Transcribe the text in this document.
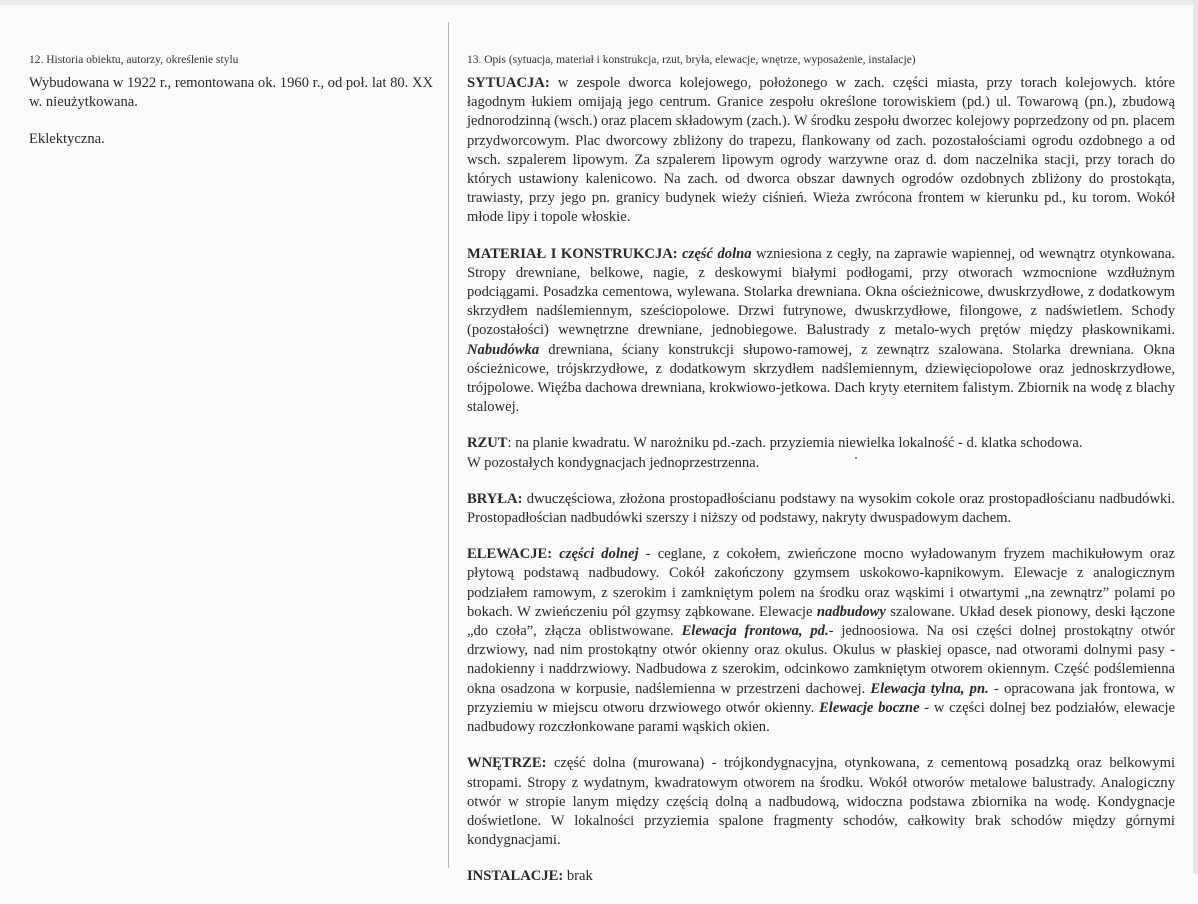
12. Historia obiektu, autorzy, określenie stylu

Wybudowana w 1922 r., remontowana ok. 1960 r., od poł. lat 80. XX w. nieużytkowana.

Eklektyczna.

13. Opis (sytuacja, materiał i konstrukcja, rzut, bryła, elewacje, wnętrze, wyposażenie, instalacje)

SYTUACJA: w zespole dworca kolejowego, położonego w zach. części miasta, przy torach kolejowych. które łagodnym łukiem omijają jego centrum. Granice zespołu określone torowiskiem (pd.) ul. Towarową (pn.), zbudową jednorodzinną (wsch.) oraz placem składowym (zach.). W środku zespołu dworzec kolejowy poprzedzony od pn. placem przydworcowym. Plac dworcowy zbliżony do trapezu, flankowany od zach. pozostałościami ogrodu ozdobnego a od wsch. szpalerem lipowym. Za szpalerem lipowym ogrody warzywne oraz d. dom naczelnika stacji, przy torach do których ustawiony kalenicowo. Na zach. od dworca obszar dawnych ogrodów ozdobnych zbliżony do prostokąta, trawiasty, przy jego pn. granicy budynek wieży ciśnień. Wieża zwrócona frontem w kierunku pd., ku torom. Wokół młode lipy i topole włoskie.

MATERIAŁ I KONSTRUKCJA: część dolna wzniesiona z cegły, na zaprawie wapiennej, od wewnątrz otynkowana. Stropy drewniane, belkowe, nagie, z deskowymi białymi podłogami, przy otworach wzmocnione wzdłużnym podciągami. Posadzka cementowa, wylewana. Stolarka drewniana. Okna ościeżnicowe, dwuskrzydłowe, z dodatkowym skrzydłem nadślemiennym, sześciopolowe. Drzwi futrynowe, dwuskrzydłowe, filongowe, z nadświetlem. Schody (pozostałości) wewnętrzne drewniane, jednobiegowe. Balustrady z metalo-wych prętów między płaskownikami. Nabudówka drewniana, ściany konstrukcji słupowo-ramowej, z zewnątrz szalowana. Stolarka drewniana. Okna ościeżnicowe, trójskrzydłowe, z dodatkowym skrzydłem nadślemiennym, dziewięciopolowe oraz jednoskrzydłowe, trójpolowe. Więźba dachowa drewniana, krokwiowo-jetkowa. Dach kryty eternitem falistym. Zbiornik na wodę z blachy stalowej.

RZUT: na planie kwadratu. W narożniku pd.-zach. przyziemia niewielka lokalność - d. klatka schodowa.
W pozostałych kondygnacjach jednoprzestrzenna.

BRYŁA: dwuczęściowa, złożona prostopadłościanu podstawy na wysokim cokole oraz prostopadłościanu nadbudówki. Prostopadłościan nadbudówki szerszy i niższy od podstawy, nakryty dwuspadowym dachem.

ELEWACJE: części dolnej - ceglane, z cokołem, zwieńczone mocno wyładowanym fryzem machikułowym oraz płytową podstawą nadbudowy. Cokół zakończony gzymsem uskokowo-kapnikowym. Elewacje z analogicznym podziałem ramowym, z szerokim i zamkniętym polem na środku oraz wąskimi i otwartymi „na zewnątrz” polami po bokach. W zwieńczeniu pól gzymsy ząbkowane. Elewacje nadbudowy szalowane. Układ desek pionowy, deski łączone „do czoła”, złącza oblistwowane. Elewacja frontowa, pd.- jednoosiowa. Na osi części dolnej prostokątny otwór drzwiowy, nad nim prostokątny otwór okienny oraz okulus. Okulus w płaskiej opasce, nad otworami dolnymi pasy - nadokienny i naddrzwiowy. Nadbudowa z szerokim, odcinkowo zamkniętym otworem okiennym. Część podślemienna okna osadzona w korpusie, nadślemienna w przestrzeni dachowej. Elewacja tylna, pn. - opracowana jak frontowa, w przyziemiu w miejscu otworu drzwiowego otwór okienny. Elewacje boczne - w części dolnej bez podziałów, elewacje nadbudowy rozczłonkowane parami wąskich okien.

WNĘTRZE: część dolna (murowana) - trójkondygnacyjna, otynkowana, z cementową posadzką oraz belkowymi stropami. Stropy z wydatnym, kwadratowym otworem na środku. Wokół otworów metalowe balustrady. Analogiczny otwór w stropie lanym między częścią dolną a nadbudową, widoczna podstawa zbiornika na wodę. Kondygnacje doświetlone. W lokalności przyziemia spalone fragmenty schodów, całkowity brak schodów między górnymi kondygnacjami.

INSTALACJE: brak
